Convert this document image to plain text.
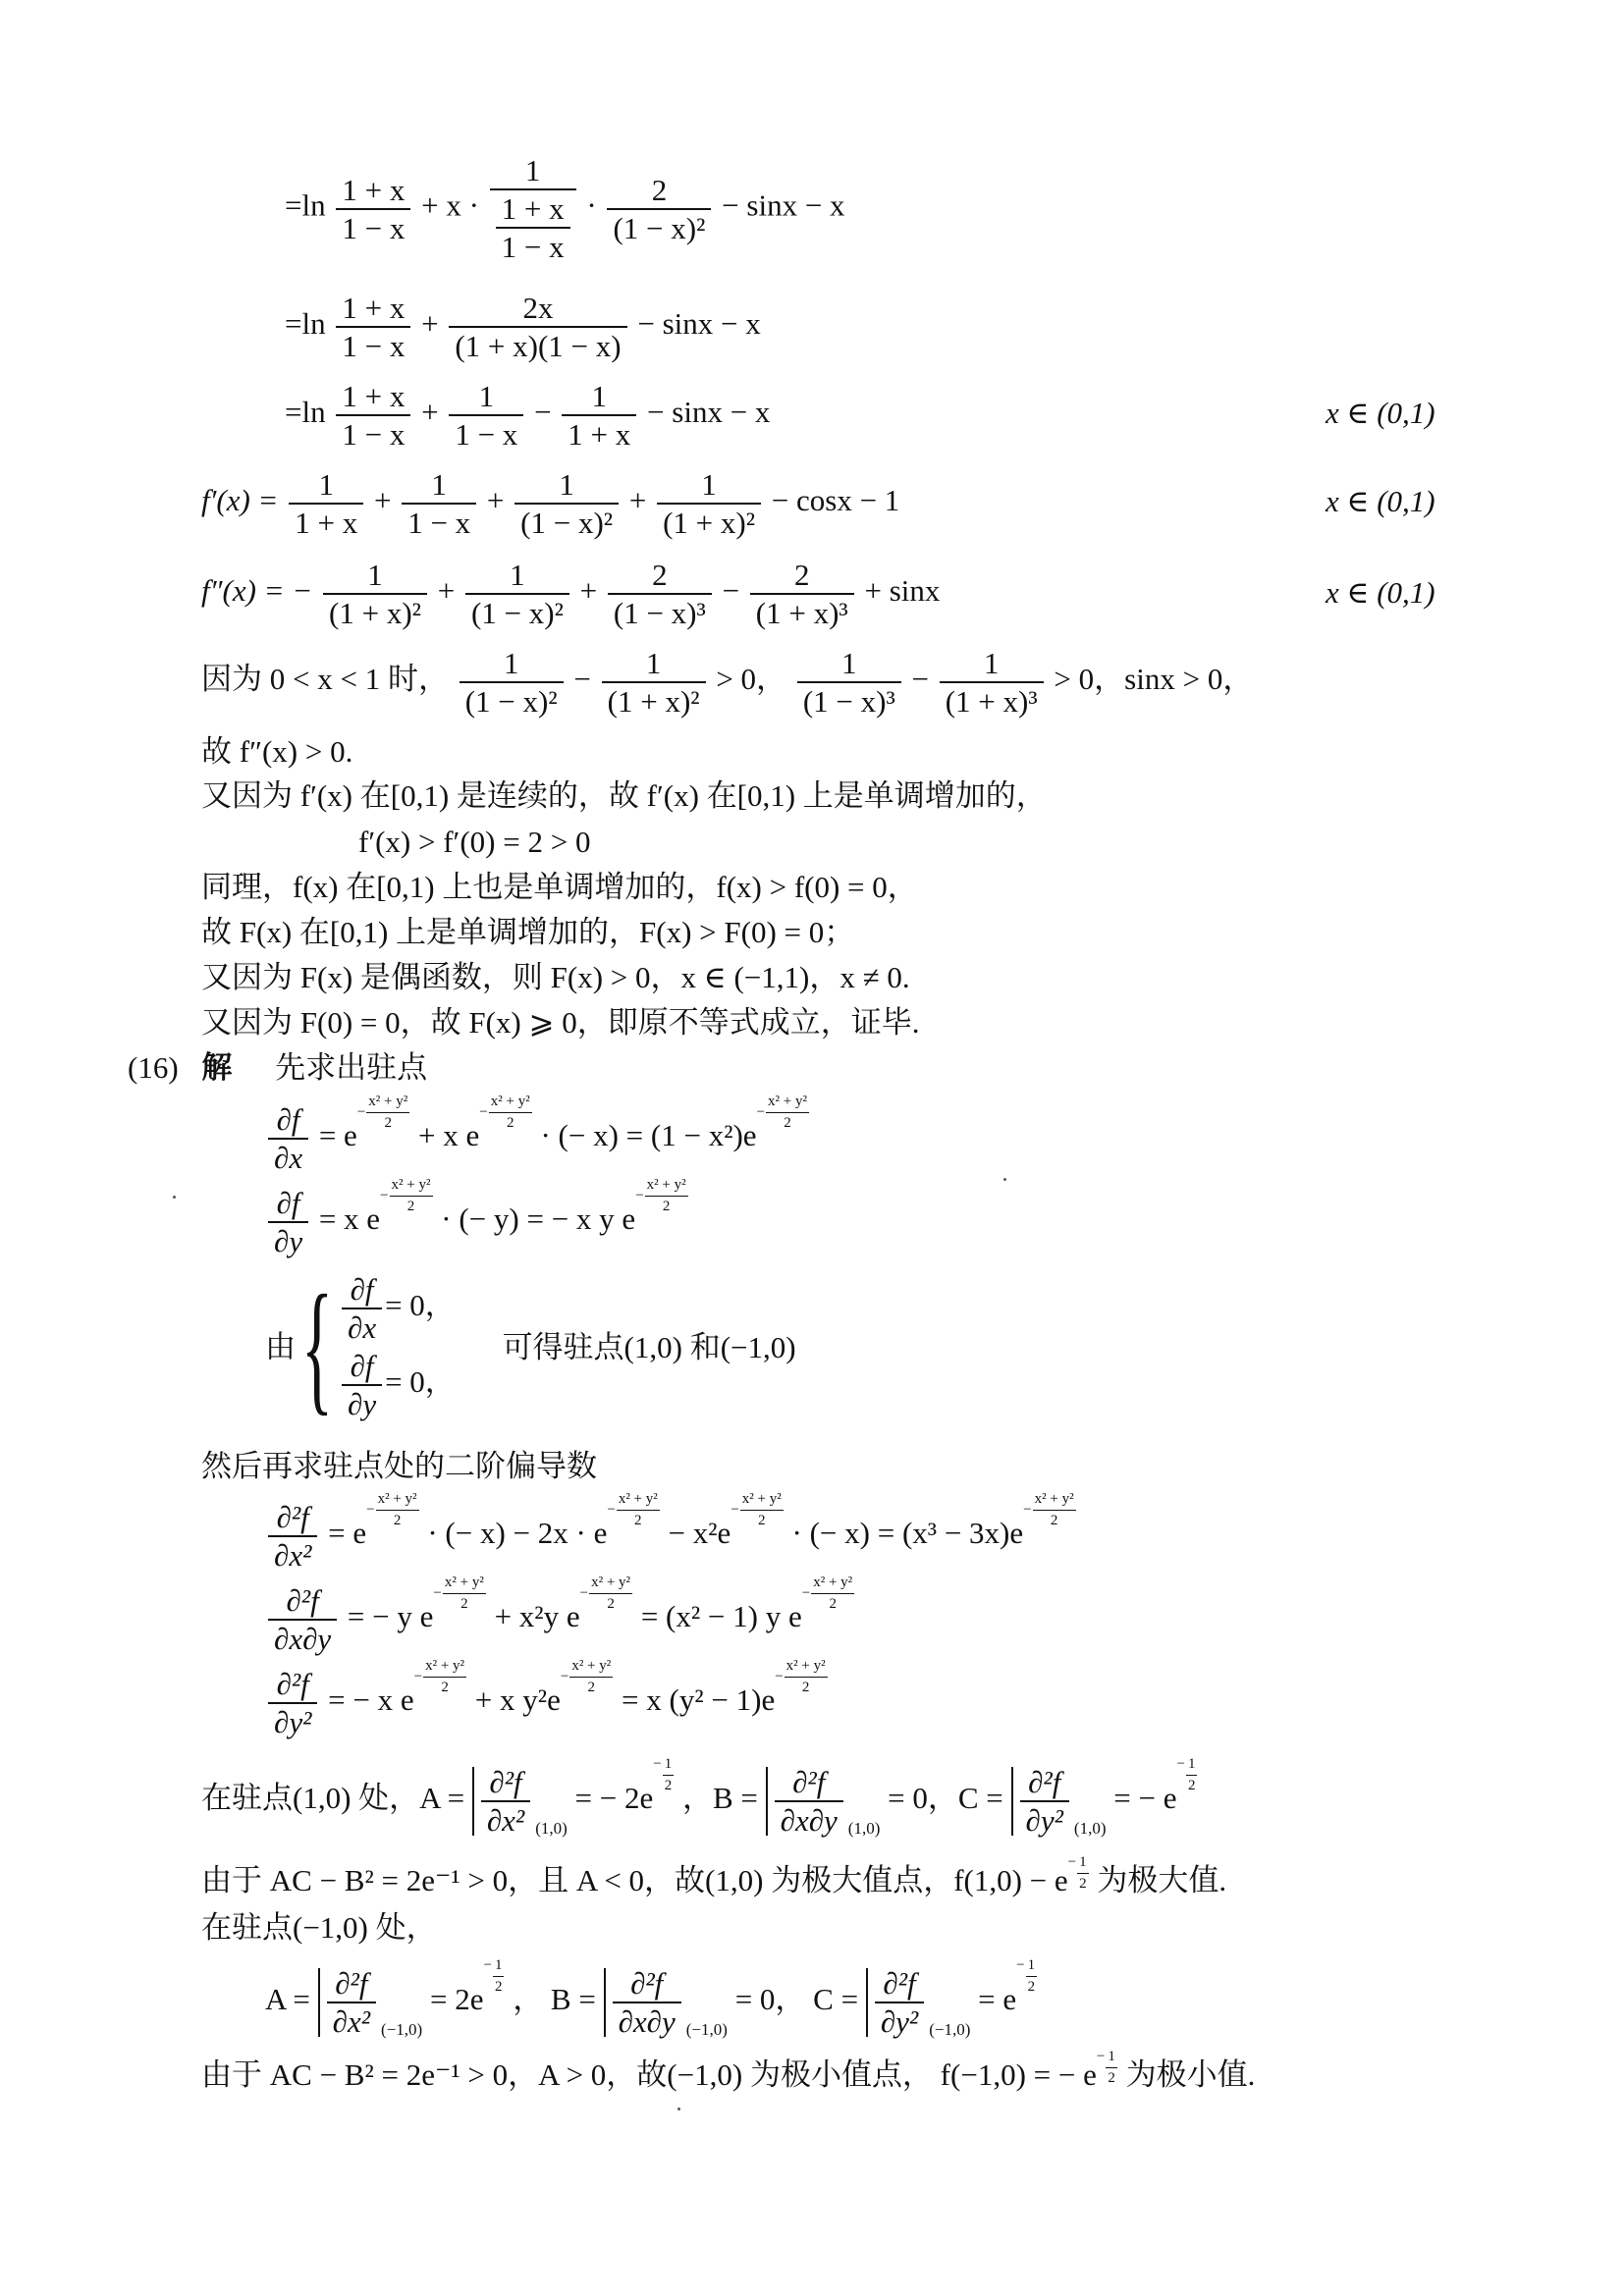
$=\ln \frac{1 + x}{1 - x} + x \cdot \frac{1}{\frac{1 + x}{1 - x}} \cdot \frac{2}{\text{(1 − x)²}} - \sin x - x$
$=\ln \frac{1 + x}{1 - x} + \frac{2x}{(1 + x)(1 - x)} - \sin x - x$
$=\ln \frac{1 + x}{1 - x} + \frac{1}{1 - x} - \frac{1}{1 + x} - \sin x - x$	x ∈ (0,1)
$f'(x) = \frac{1}{1 + x} + \frac{1}{1 - x} + \frac{1}{\text{(1 − x)²}} + \frac{1}{\text{(1 + x)²}} - \cos x - 1$	x ∈ (0,1)
f″(x) = − $\frac{1}{\text{(1 + x)²}} + \frac{1}{\text{(1 − x)²}} + \frac{2}{\text{(1 − x)³}} - \frac{2}{\text{(1 + x)³}} + \sin x$	x ∈ (0,1)
因为 0 < x < 1 时， $\frac{1}{\text{(1 − x)²}} - \frac{1}{\text{(1 + x)²}} > 0$， $\frac{1}{\text{(1 − x)³}} - \frac{1}{\text{(1 + x)³}} > 0$，sinx > 0，
故 f″(x) > 0.
又因为 f′(x) 在[0,1) 是连续的，故 f′(x) 在[0,1) 上是单调增加的，
f′(x) > f′(0) = 2 > 0
同理，f(x) 在[0,1) 上也是单调增加的，f(x) > f(0) = 0，
故 F(x) 在[0,1) 上是单调增加的，F(x) > F(0) = 0；
又因为 F(x) 是偶函数，则 F(x) > 0，x ∈ (−1,1)，x ≠ 0.
又因为 F(0) = 0，故 F(x) ⩾ 0，即原不等式成立，证毕.
(16) 解 先求出驻点
$\frac{\partial f}{\partial x} = e^{- \frac{\text{x² + y²}}{2}}$
+ x $e^{- \frac{\text{x² + y²}}{2}}$
· (− $x) = (1 - x^2)e^{- \frac{\text{x² + y²}}{2}}$
$\frac{\partial f}{\partial y} = x$ $e^{- \frac{\text{x² + y²}}{2}}$
· (− y) = − x y $e^{- \frac{\text{x² + y²}}{2}}$
由{ $\frac{\partial f}{\partial x} = 0$，
$\frac{\partial f}{\partial y} = 0$，
可得驻点(1,0) 和(−1,0)
然后再求驻点处的二阶偏导数
$\frac{\text{∂²f}}{\text{∂x²}} = e^{- \frac{\text{x² + y²}}{2}}$
· (− $x) - 2x \cdot e^{- \frac{\text{x² + y²}}{2}}$
− $x^2e^{- \frac{\text{x² + y²}}{2}}$
· (− $x) = (x^3 - 3x)e^{- \frac{\text{x² + y²}}{2}}$
$\frac{\text{∂²f}}{\partial x\partial y}$ = − y $e^{- \frac{\text{x² + y²}}{2}}$
+ x²y $e^{- \frac{\text{x² + y²}}{2}}$
= (x² − 1) y $e^{- \frac{\text{x² + y²}}{2}}$
$\frac{\text{∂²f}}{\text{∂y²}}$ = − x $e^{- \frac{\text{x² + y²}}{2}}$
+ x $y^2e^{- \frac{\text{x² + y²}}{2}}$
= x $(y^2 - 1)e^{- \frac{\text{x² + y²}}{2}}$
在驻点(1,0) 处，$A = \frac{\text{∂²f}}{\text{∂x²}} _{(1,0)}$ = − 2e− $^{\frac{1}{2}}$
，$B = \frac{\text{∂²f}}{\partial x\partial y} _{(1,0)} = 0$，$C = \frac{\text{∂²f}}{\text{∂y²}} _{(1,0)}$ = − e− $^{\frac{1}{2}}$
由于 AC − B² = 2e⁻¹ > 0，且 A < 0，故(1,0) 为极大值点，f(1,0) − e− $^{\frac{1}{2}}$ 为极大值.
在驻点(−1,0) 处，
$A = \frac{\text{∂²f}}{\text{∂x²}} _{(-1,0)} = 2e^-$ $^{\frac{1}{2}}$
， $B = \frac{\text{∂²f}}{\partial x\partial y} _{(-1,0)} = 0$， $C = \frac{\text{∂²f}}{\text{∂y²}} _{(-1,0)} = e^-$ $^{\frac{1}{2}}$
由于 AC − B² = 2e⁻¹ > 0，A > 0，故(−1,0) 为极小值点， f(−1,0) = − e− $^{\frac{1}{2}}$ 为极小值.
